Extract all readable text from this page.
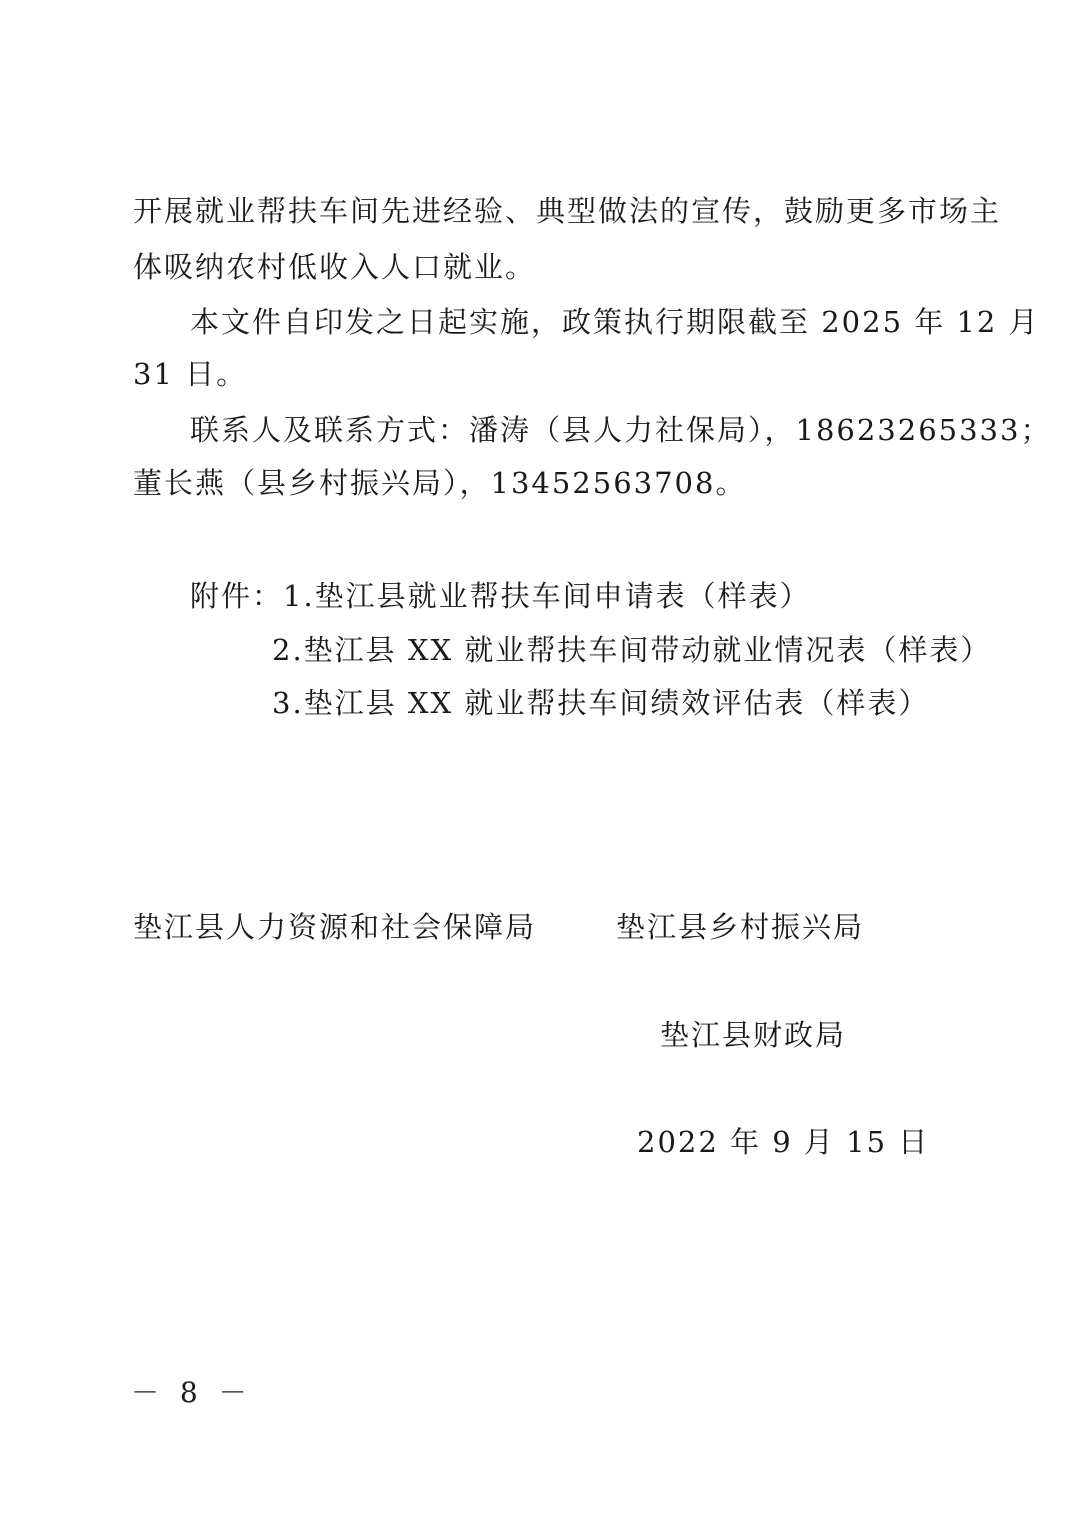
开展就业帮扶车间先进经验、典型做法的宣传，鼓励更多市场主
体吸纳农村低收入人口就业。
本文件自印发之日起实施，政策执行期限截至 2025 年 12 月
31 日。
联系人及联系方式：潘涛（县人力社保局），18623265333；
董长燕（县乡村振兴局），13452563708。
附件：1.垫江县就业帮扶车间申请表（样表）
2.垫江县 XX 就业帮扶车间带动就业情况表（样表）
3.垫江县 XX 就业帮扶车间绩效评估表（样表）
垫江县人力资源和社会保障局	垫江县乡村振兴局
垫江县财政局
2022 年 9 月 15 日
－ 8 －
